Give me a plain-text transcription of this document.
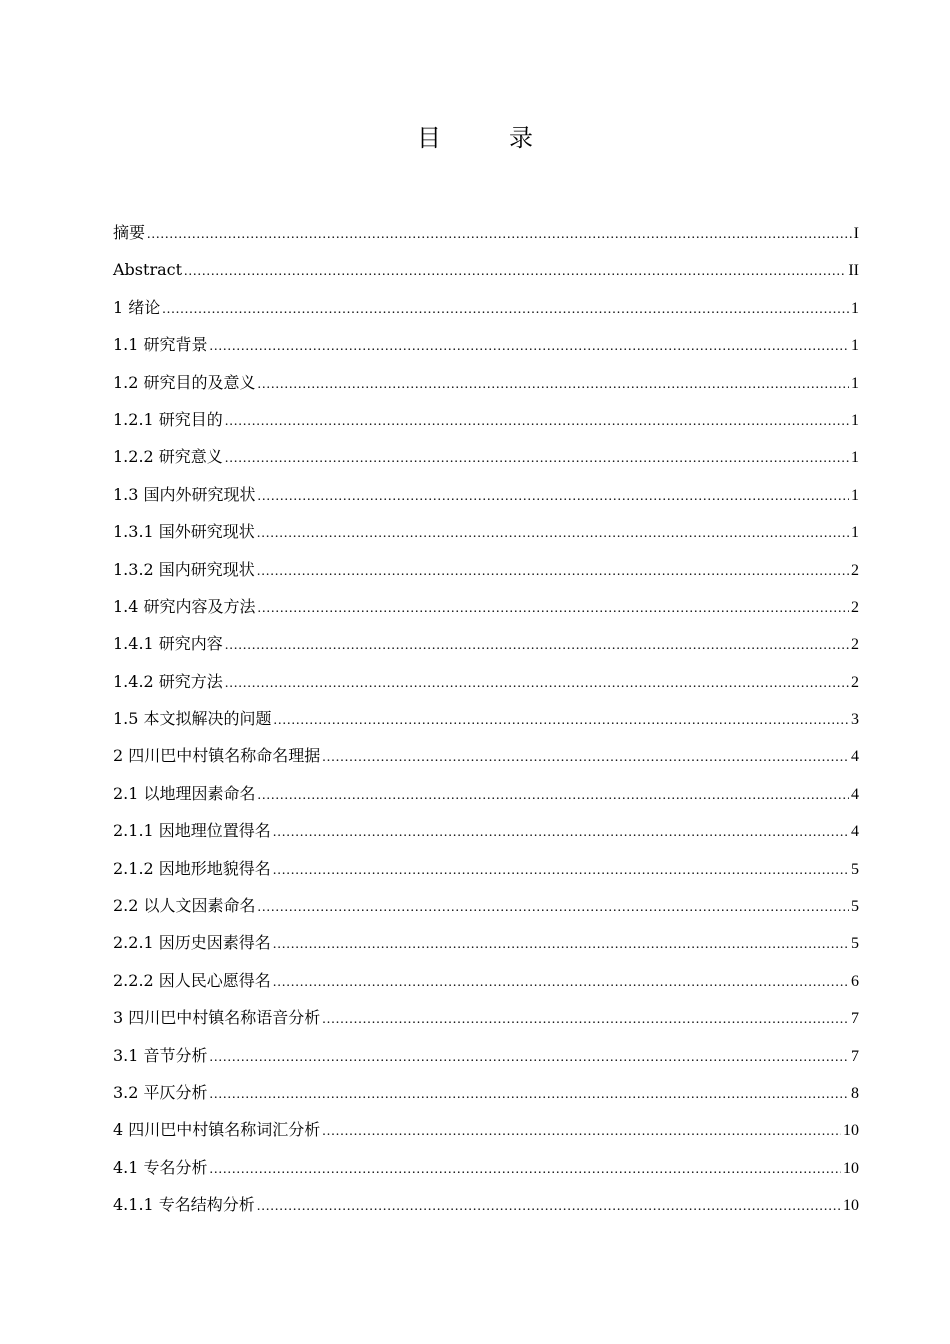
目　录
摘要 .....	I
Abstract .....	II
1 绪论 .....	1
1.1 研究背景 .....	1
1.2 研究目的及意义 .....	1
1.2.1 研究目的 .....	1
1.2.2 研究意义 .....	1
1.3 国内外研究现状 .....	1
1.3.1 国外研究现状 .....	1
1.3.2 国内研究现状 .....	2
1.4 研究内容及方法 .....	2
1.4.1 研究内容 .....	2
1.4.2 研究方法 .....	2
1.5 本文拟解决的问题 .....	3
2 四川巴中村镇名称命名理据 .....	4
2.1 以地理因素命名 .....	4
2.1.1 因地理位置得名 .....	4
2.1.2 因地形地貌得名 .....	5
2.2 以人文因素命名 .....	5
2.2.1 因历史因素得名 .....	5
2.2.2 因人民心愿得名 .....	6
3 四川巴中村镇名称语音分析 .....	7
3.1 音节分析 .....	7
3.2 平仄分析 .....	8
4 四川巴中村镇名称词汇分析 .....	10
4.1 专名分析 .....	10
4.1.1 专名结构分析 .....	10
